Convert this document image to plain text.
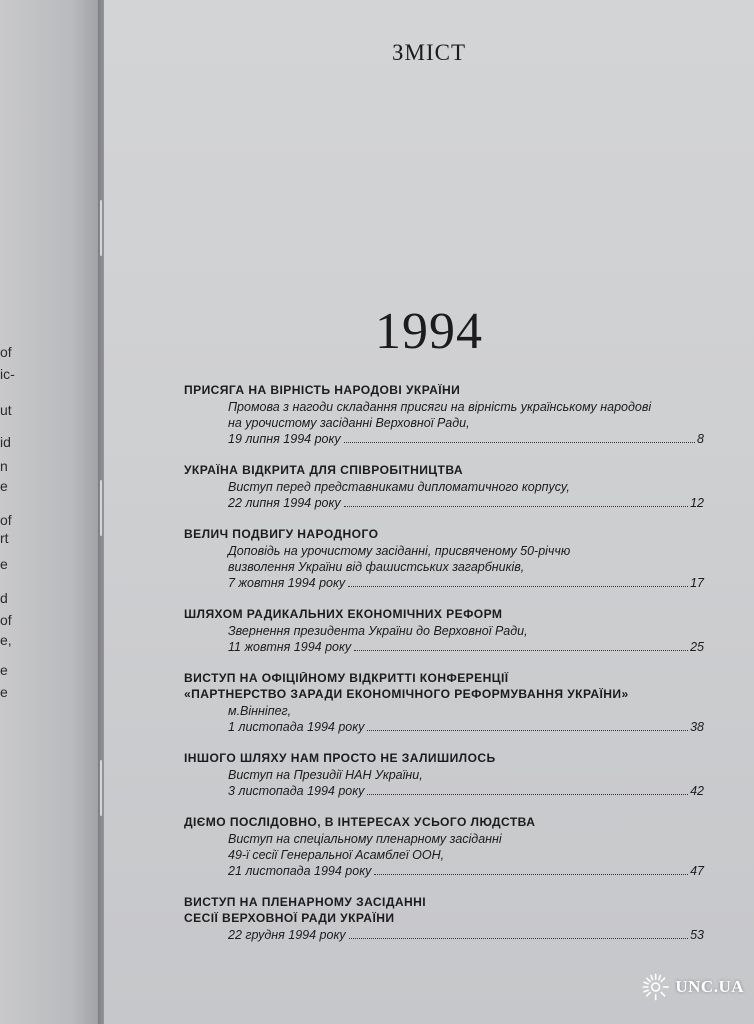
of
ic-
ut
id
n
e
of
rt
e
d
of
e,
e
e
ЗМІСТ
1994
ПРИСЯГА НА ВІРНІСТЬ НАРОДОВІ УКРАЇНИ
Промова з нагоди складання присяги на вірність українському народові
на урочистому засіданні Верховної Ради,
19 липня 1994 року	8
УКРАЇНА ВІДКРИТА ДЛЯ СПІВРОБІТНИЦТВА
Виступ перед представниками дипломатичного корпусу,
22 липня 1994 року	12
ВЕЛИЧ ПОДВИГУ НАРОДНОГО
Доповідь на урочистому засіданні, присвяченому 50-річчю
визволення України від фашистських загарбників,
7 жовтня 1994 року	17
ШЛЯХОМ РАДИКАЛЬНИХ ЕКОНОМІЧНИХ РЕФОРМ
Звернення президента України до Верховної Ради,
11 жовтня 1994 року	25
ВИСТУП НА ОФІЦІЙНОМУ ВІДКРИТТІ КОНФЕРЕНЦІЇ
«ПАРТНЕРСТВО ЗАРАДИ ЕКОНОМІЧНОГО РЕФОРМУВАННЯ УКРАЇНИ»
м.Вінніпег,
1 листопада 1994 року	38
ІНШОГО ШЛЯХУ НАМ ПРОСТО НЕ ЗАЛИШИЛОСЬ
Виступ на Президії НАН України,
3 листопада 1994 року	42
ДІЄМО ПОСЛІДОВНО, В ІНТЕРЕСАХ УСЬОГО ЛЮДСТВА
Виступ на спеціальному пленарному засіданні
49-ї сесії Генеральної Асамблеї ООН,
21 листопада 1994 року	47
ВИСТУП НА ПЛЕНАРНОМУ ЗАСІДАННІ
СЕСІЇ ВЕРХОВНОЇ РАДИ УКРАЇНИ
22 грудня 1994 року	53
UNC.UA
